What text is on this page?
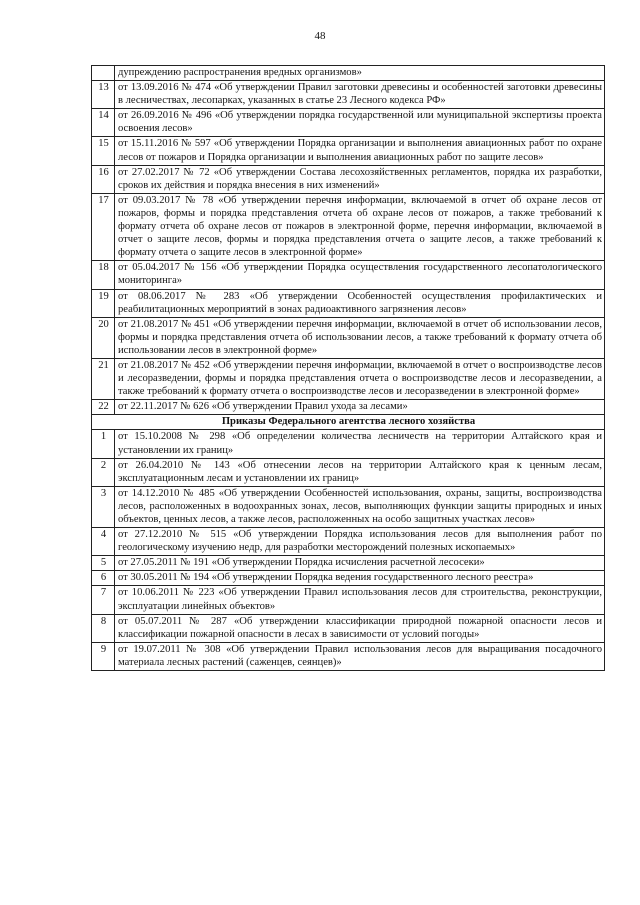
48
	дупреждению распространения вредных организмов»
13	от 13.09.2016 № 474 «Об утверждении Правил заготовки древесины и особенностей заготовки древесины в лесничествах, лесопарках, указанных в статье 23 Лесного кодекса РФ»
14	от 26.09.2016 № 496 «Об утверждении порядка государственной или муниципальной экспертизы проекта освоения лесов»
15	от 15.11.2016 № 597 «Об утверждении Порядка организации и выполнения авиационных работ по охране лесов от пожаров и Порядка организации и выполнения авиационных работ по защите лесов»
16	от 27.02.2017 № 72 «Об утверждении Состава лесохозяйственных регламентов, порядка их разработки, сроков их действия и порядка внесения в них изменений»
17	от 09.03.2017 № 78 «Об утверждении перечня информации, включаемой в отчет об охране лесов от пожаров, формы и порядка представления отчета об охране лесов от пожаров, а также требований к формату отчета об охране лесов от пожаров в электронной форме, перечня информации, включаемой в отчет о защите лесов, формы и порядка представления отчета о защите лесов, а также требований к формату отчета о защите лесов в электронной форме»
18	от 05.04.2017 № 156 «Об утверждении Порядка осуществления государственного лесопатологического мониторинга»
19	от 08.06.2017 № 283 «Об утверждении Особенностей осуществления профилактических и реабилитационных мероприятий в зонах радиоактивного загрязнения лесов»
20	от 21.08.2017 № 451 «Об утверждении перечня информации, включаемой в отчет об использовании лесов, формы и порядка представления отчета об использовании лесов, а также требований к формату отчета об использовании лесов в электронной форме»
21	от 21.08.2017 № 452 «Об утверждении перечня информации, включаемой в отчет о воспроизводстве лесов и лесоразведении, формы и порядка представления отчета о воспроизводстве лесов и лесоразведении, а также требований к формату отчета о воспроизводстве лесов и лесоразведении в электронной форме»
22	от 22.11.2017 № 626 «Об утверждении Правил ухода за лесами»
Приказы Федерального агентства лесного хозяйства	
1	от 15.10.2008 № 298 «Об определении количества лесничеств на территории Алтайского края и установлении их границ»
2	от 26.04.2010 № 143 «Об отнесении лесов на территории Алтайского края к ценным лесам, эксплуатационным лесам и установлении их границ»
3	от 14.12.2010 № 485 «Об утверждении Особенностей использования, охраны, защиты, воспроизводства лесов, расположенных в водоохранных зонах, лесов, выполняющих функции защиты природных и иных объектов, ценных лесов, а также лесов, расположенных на особо защитных участках лесов»
4	от 27.12.2010 № 515 «Об утверждении Порядка использования лесов для выполнения работ по геологическому изучению недр, для разработки месторождений полезных ископаемых»
5	от 27.05.2011 № 191 «Об утверждении Порядка исчисления расчетной лесосеки»
6	от 30.05.2011 № 194 «Об утверждении Порядка ведения государственного лесного реестра»
7	от 10.06.2011 № 223 «Об утверждении Правил использования лесов для строительства, реконструкции, эксплуатации линейных объектов»
8	от 05.07.2011 № 287 «Об утверждении классификации природной пожарной опасности лесов и классификации пожарной опасности в лесах в зависимости от условий погоды»
9	от 19.07.2011 № 308 «Об утверждении Правил использования лесов для выращивания посадочного материала лесных растений (саженцев, сеянцев)»
